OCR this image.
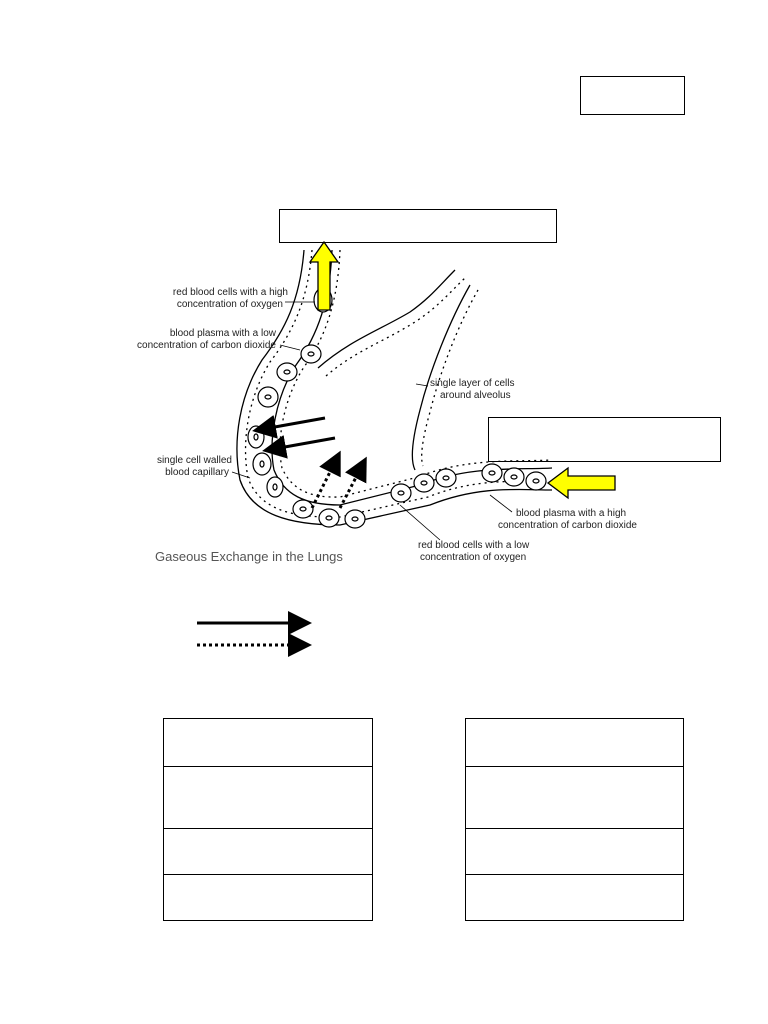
red blood cells with a high
concentration of oxygen
blood plasma with a low
concentration of carbon dioxide
single layer of cells
around alveolus
single cell walled
blood capillary
blood plasma with a high
concentration of carbon dioxide
red blood cells with a low
concentration of oxygen
Gaseous Exchange in the Lungs
